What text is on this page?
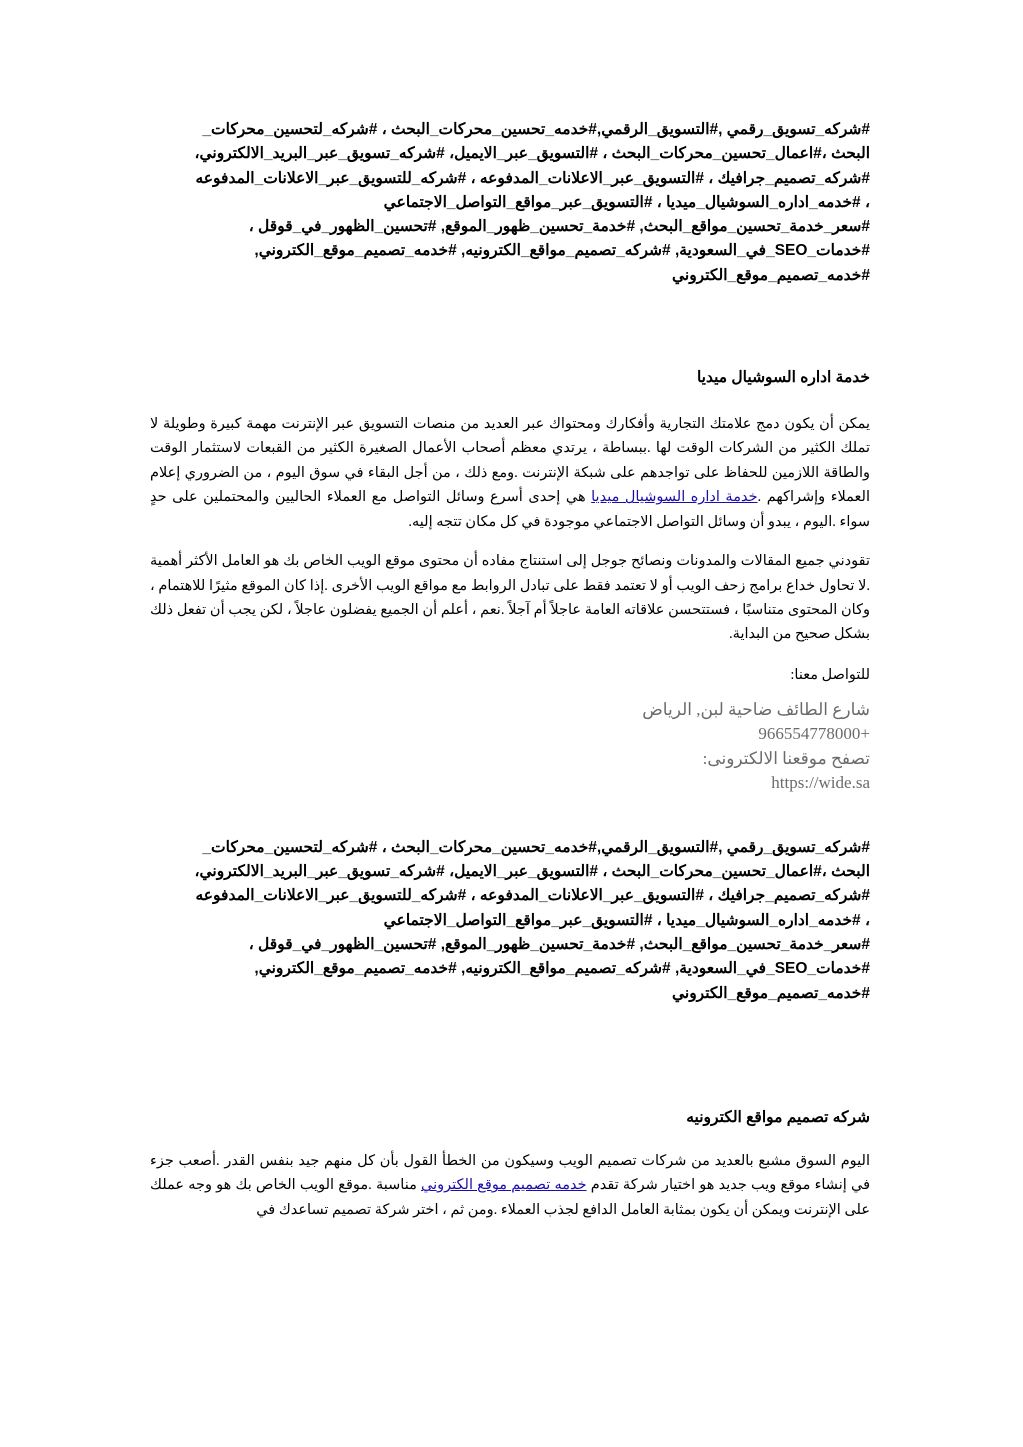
#شركه_تسويق_رقمي ,#التسويق_الرقمي,#خدمه_تحسين_محركات_البحث ، #شركه_لتحسين_محركات_
البحث ،#اعمال_تحسين_محركات_البحث ، #التسويق_عبر_الايميل، #شركه_تسويق_عبر_البريد_الالكتروني،
#شركه_تصميم_جرافيك ، #التسويق_عبر_الاعلانات_المدفوعه ، #شركه_للتسويق_عبر_الاعلانات_المدفوعه
، #خدمه_اداره_السوشيال_ميديا ، #التسويق_عبر_مواقع_التواصل_الاجتماعي
#سعر_خدمة_تحسين_مواقع_البحث, #خدمة_تحسين_ظهور_الموقع, #تحسين_الظهور_في_قوقل ،
#خدمات_SEO_في_السعودية, #شركه_تصميم_مواقع_الكترونيه, #خدمه_تصميم_موقع_الكتروني,
#خدمه_تصميم_موقع_الكتروني
خدمة اداره السوشيال ميديا

يمكن أن يكون دمج علامتك التجارية وأفكارك ومحتواك عبر العديد من منصات التسويق عبر الإنترنت مهمة كبيرة وطويلة لا تملك الكثير من الشركات الوقت لها .ببساطة ، يرتدي معظم أصحاب الأعمال الصغيرة الكثير من القبعات لاستثمار الوقت والطاقة اللازمين للحفاظ على تواجدهم على شبكة الإنترنت .ومع ذلك ، من أجل البقاء في سوق اليوم ، من الضروري إعلام العملاء وإشراكهم .خدمة اداره السوشيال ميديا هي إحدى أسرع وسائل التواصل مع العملاء الحاليين والمحتملين على حدٍ سواء .اليوم ، يبدو أن وسائل التواصل الاجتماعي موجودة في كل مكان تتجه إليه.

تقودني جميع المقالات والمدونات ونصائح جوجل إلى استنتاج مفاده أن محتوى موقع الويب الخاص بك هو العامل الأكثر أهمية .لا تحاول خداع برامج زحف الويب أو لا تعتمد فقط على تبادل الروابط مع مواقع الويب الأخرى .إذا كان الموقع مثيرًا للاهتمام ، وكان المحتوى متناسبًا ، فستتحسن علاقاته العامة عاجلاً أم آجلاً .نعم ، أعلم أن الجميع يفضلون عاجلاً ، لكن يجب أن تفعل ذلك بشكل صحيح من البداية.

للتواصل معنا:

شارع الطائف ضاحية لبن, الرياض
+966554778000
تصفح موقعنا الالكترونى:
https://wide.sa
#شركه_تسويق_رقمي ,#التسويق_الرقمي,#خدمه_تحسين_محركات_البحث ، #شركه_لتحسين_محركات_
البحث ،#اعمال_تحسين_محركات_البحث ، #التسويق_عبر_الايميل، #شركه_تسويق_عبر_البريد_الالكتروني،
#شركه_تصميم_جرافيك ، #التسويق_عبر_الاعلانات_المدفوعه ، #شركه_للتسويق_عبر_الاعلانات_المدفوعه
، #خدمه_اداره_السوشيال_ميديا ، #التسويق_عبر_مواقع_التواصل_الاجتماعي
#سعر_خدمة_تحسين_مواقع_البحث, #خدمة_تحسين_ظهور_الموقع, #تحسين_الظهور_في_قوقل ،
#خدمات_SEO_في_السعودية, #شركه_تصميم_مواقع_الكترونيه, #خدمه_تصميم_موقع_الكتروني,
#خدمه_تصميم_موقع_الكتروني
شركه تصميم مواقع الكترونيه

اليوم السوق مشبع بالعديد من شركات تصميم الويب وسيكون من الخطأ القول بأن كل منهم جيد بنفس القدر .أصعب جزء في إنشاء موقع ويب جديد هو اختيار شركة تقدم خدمه تصميم موقع الكتروني مناسبة .موقع الويب الخاص بك هو وجه عملك على الإنترنت ويمكن أن يكون بمثابة العامل الدافع لجذب العملاء .ومن ثم ، اختر شركة تصميم تساعدك في
